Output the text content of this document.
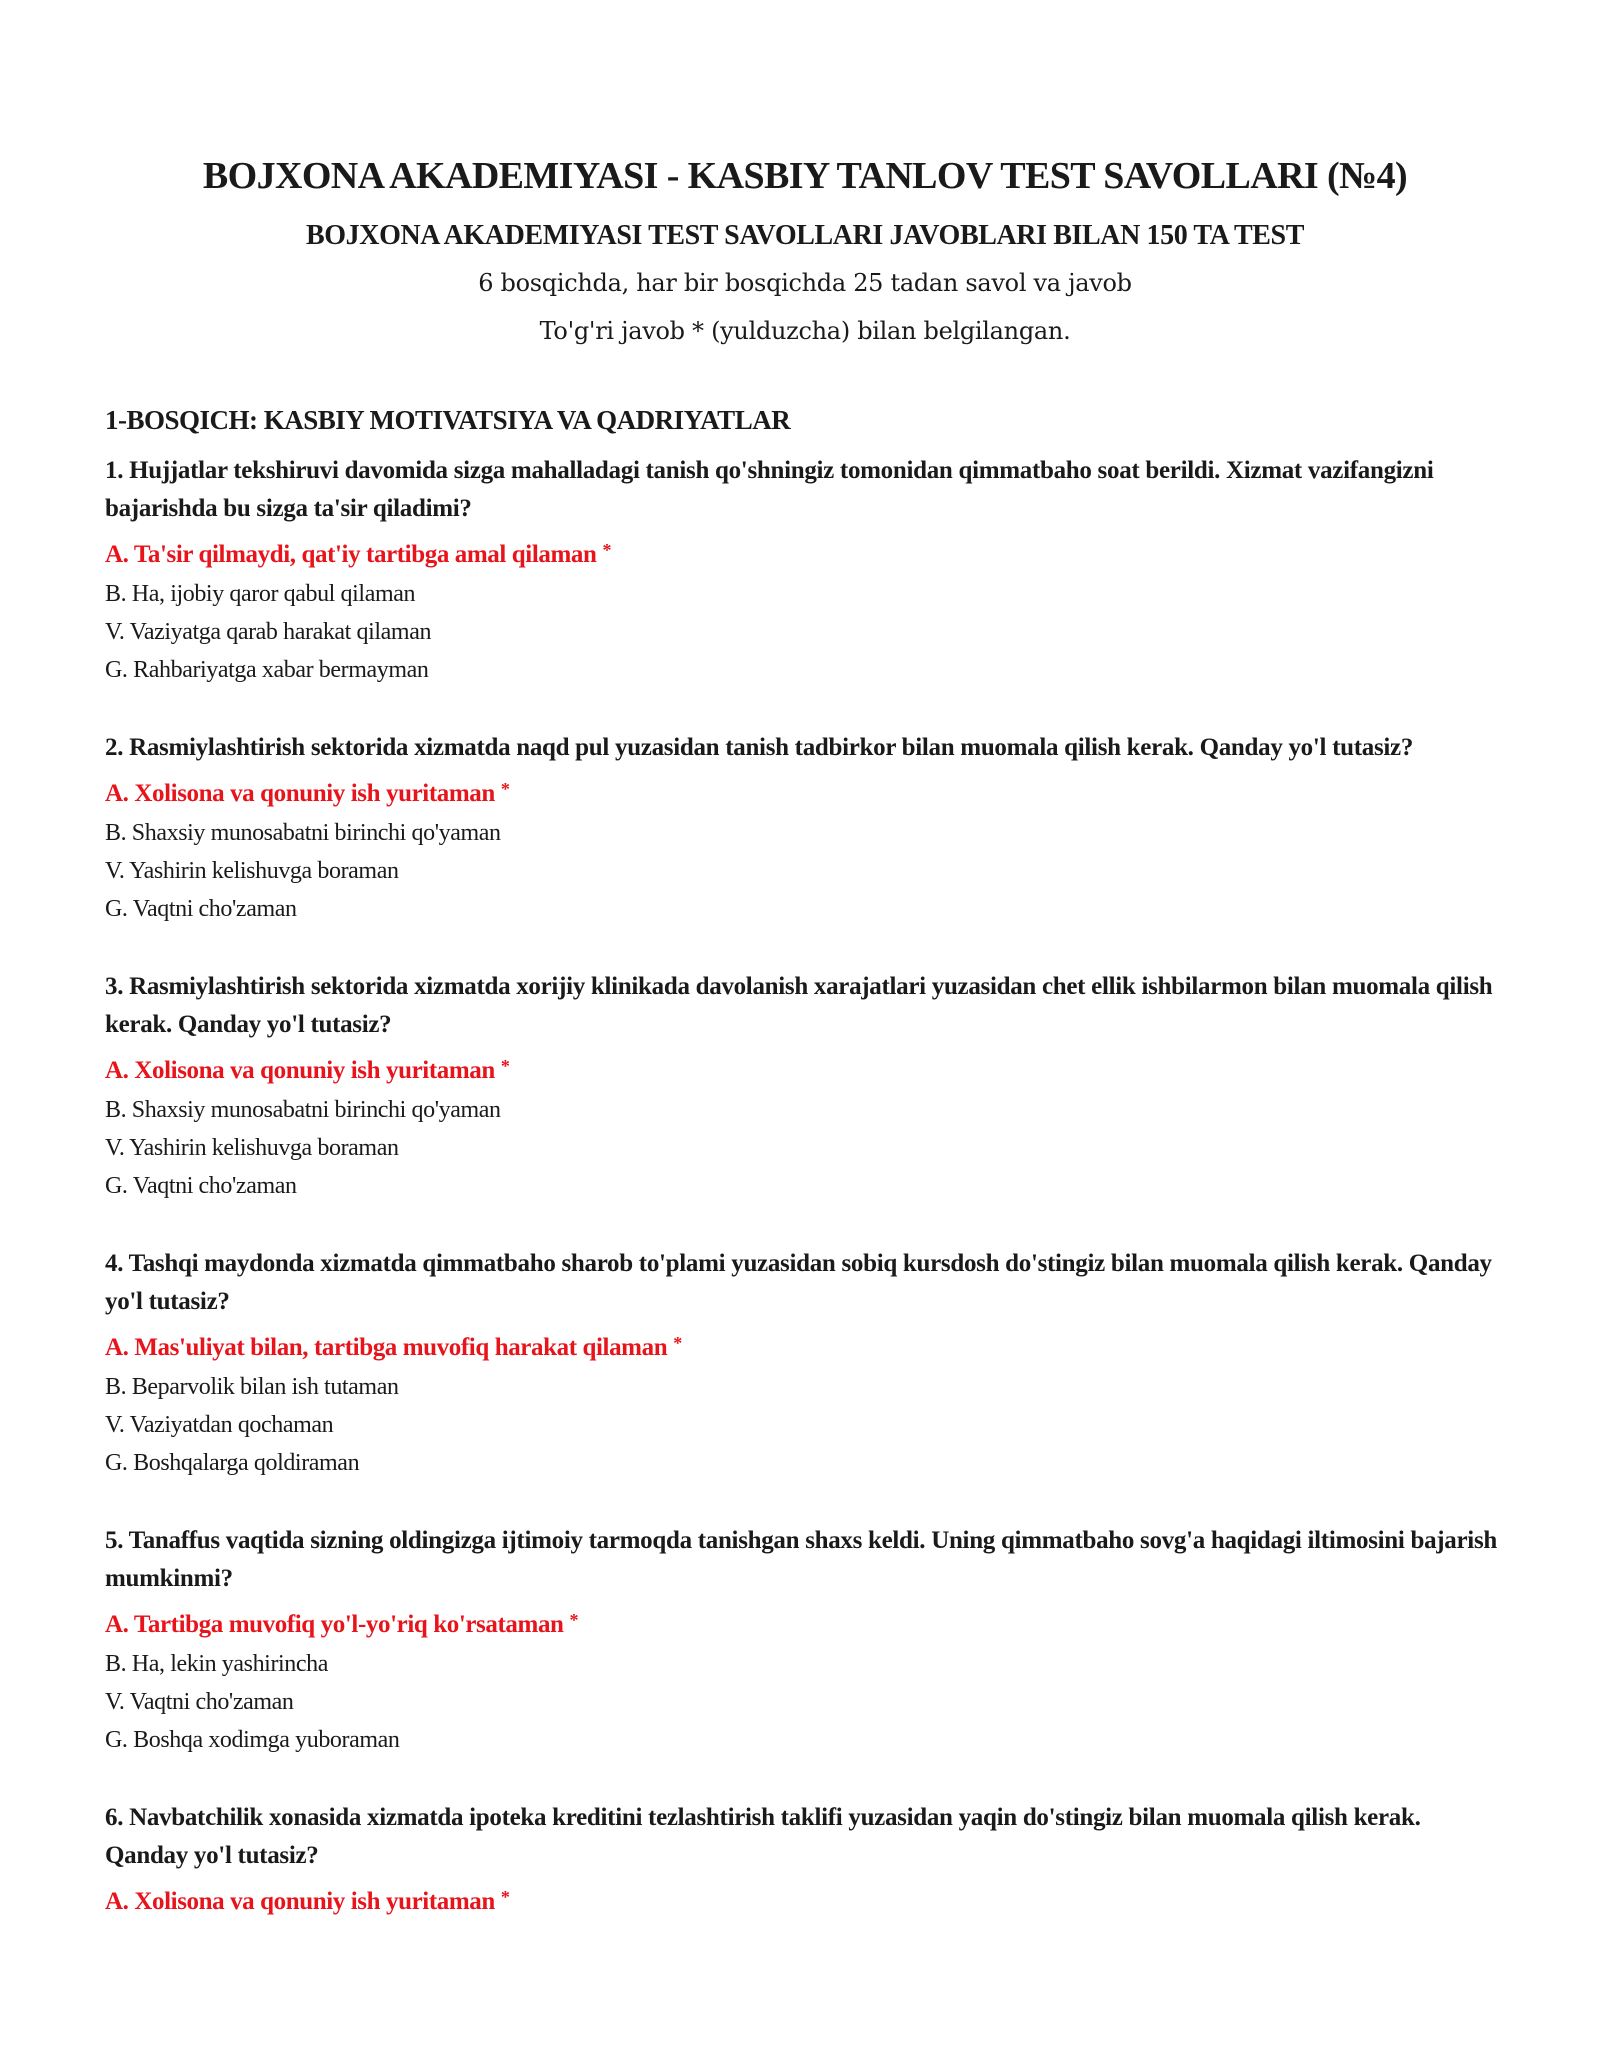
BOJXONA AKADEMIYASI - KASBIY TANLOV TEST SAVOLLARI (№4)
BOJXONA AKADEMIYASI TEST SAVOLLARI JAVOBLARI BILAN 150 TA TEST

6 bosqichda, har bir bosqichda 25 tadan savol va javob

To'g'ri javob * (yulduzcha) bilan belgilangan.

1-BOSQICH: KASBIY MOTIVATSIYA VA QADRIYATLAR

1. Hujjatlar tekshiruvi davomida sizga mahalladagi tanish qo'shningiz tomonidan qimmatbaho soat berildi. Xizmat vazifangizni bajarishda bu sizga ta'sir qiladimi?

A. Ta'sir qilmaydi, qat'iy tartibga amal qilaman *

B. Ha, ijobiy qaror qabul qilaman

V. Vaziyatga qarab harakat qilaman

G. Rahbariyatga xabar bermayman

2. Rasmiylashtirish sektorida xizmatda naqd pul yuzasidan tanish tadbirkor bilan muomala qilish kerak. Qanday yo'l tutasiz?

A. Xolisona va qonuniy ish yuritaman *

B. Shaxsiy munosabatni birinchi qo'yaman

V. Yashirin kelishuvga boraman

G. Vaqtni cho'zaman

3. Rasmiylashtirish sektorida xizmatda xorijiy klinikada davolanish xarajatlari yuzasidan chet ellik ishbilarmon bilan muomala qilish kerak. Qanday yo'l tutasiz?

A. Xolisona va qonuniy ish yuritaman *

B. Shaxsiy munosabatni birinchi qo'yaman

V. Yashirin kelishuvga boraman

G. Vaqtni cho'zaman

4. Tashqi maydonda xizmatda qimmatbaho sharob to'plami yuzasidan sobiq kursdosh do'stingiz bilan muomala qilish kerak. Qanday yo'l tutasiz?

A. Mas'uliyat bilan, tartibga muvofiq harakat qilaman *

B. Beparvolik bilan ish tutaman

V. Vaziyatdan qochaman

G. Boshqalarga qoldiraman

5. Tanaffus vaqtida sizning oldingizga ijtimoiy tarmoqda tanishgan shaxs keldi. Uning qimmatbaho sovg'a haqidagi iltimosini bajarish mumkinmi?

A. Tartibga muvofiq yo'l-yo'riq ko'rsataman *

B. Ha, lekin yashirincha

V. Vaqtni cho'zaman

G. Boshqa xodimga yuboraman

6. Navbatchilik xonasida xizmatda ipoteka kreditini tezlashtirish taklifi yuzasidan yaqin do'stingiz bilan muomala qilish kerak. Qanday yo'l tutasiz?

A. Xolisona va qonuniy ish yuritaman *
